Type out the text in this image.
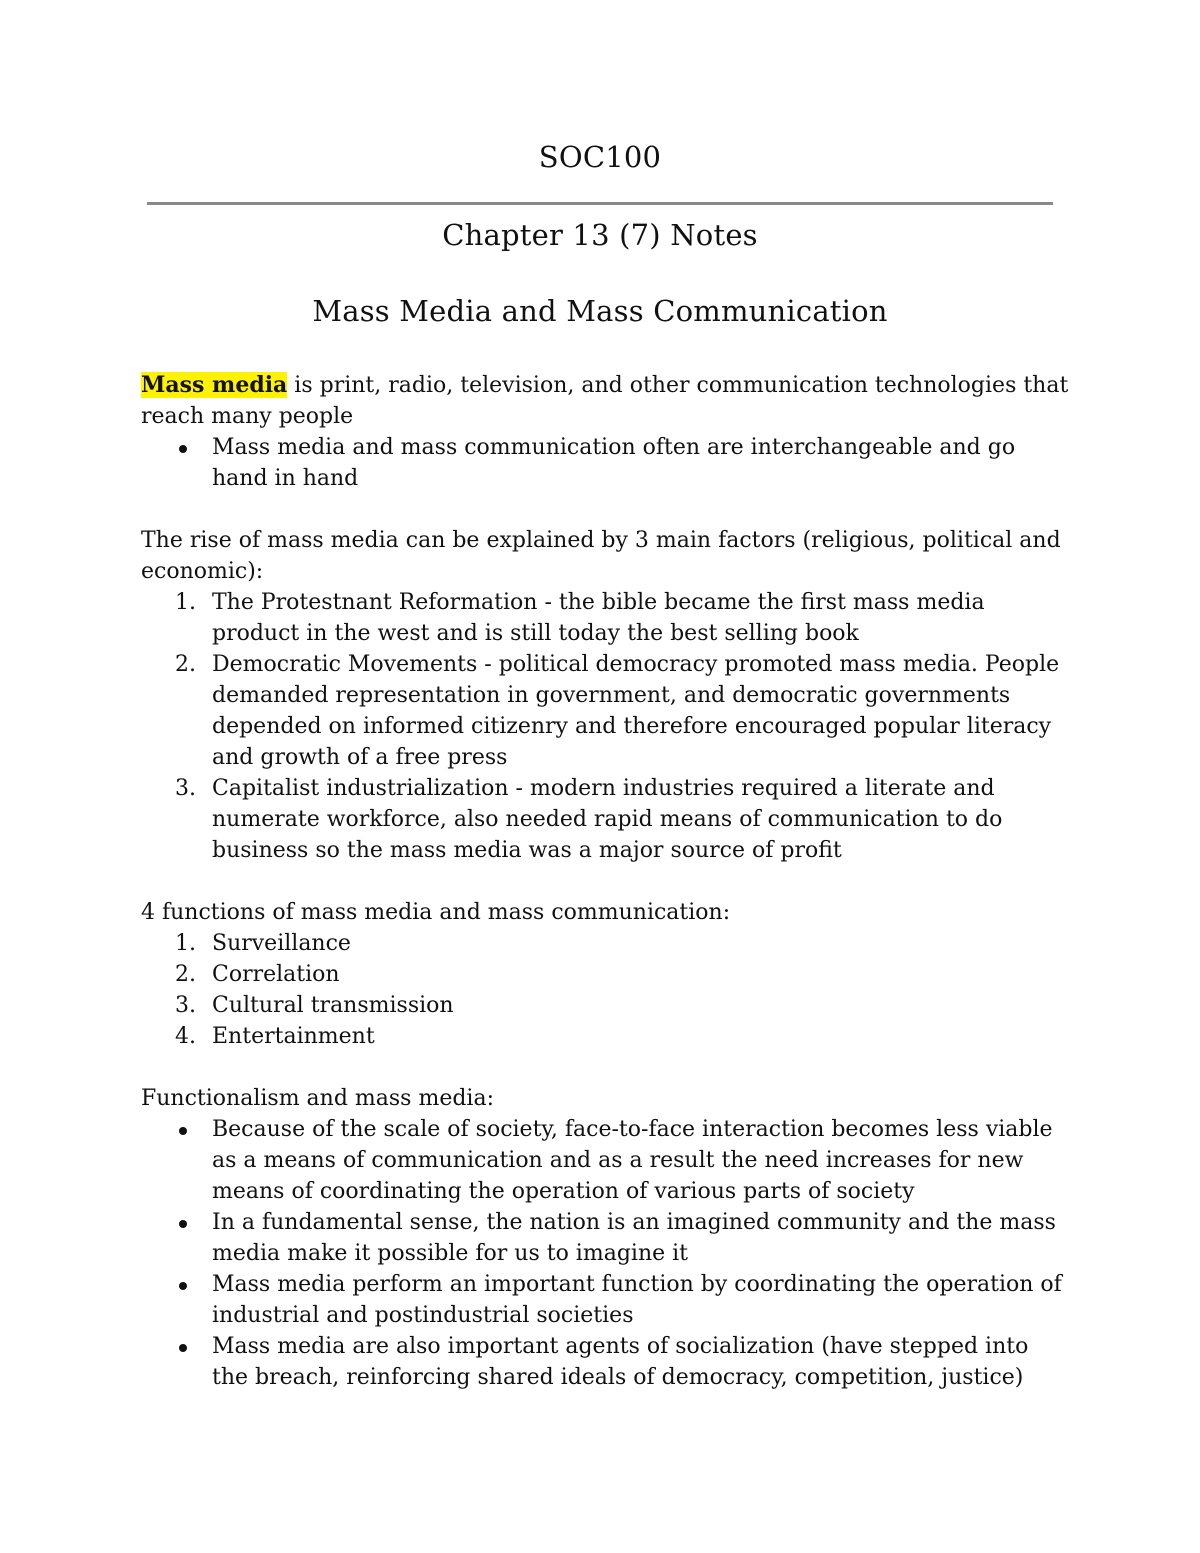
SOC100
Chapter 13 (7) Notes
Mass Media and Mass Communication
Mass media is print, radio, television, and other communication technologies that reach many people
Mass media and mass communication often are interchangeable and go hand in hand
The rise of mass media can be explained by 3 main factors (religious, political and economic):
1. The Protestnant Reformation - the bible became the first mass media product in the west and is still today the best selling book
2. Democratic Movements - political democracy promoted mass media. People demanded representation in government, and democratic governments depended on informed citizenry and therefore encouraged popular literacy and growth of a free press
3. Capitalist industrialization - modern industries required a literate and numerate workforce, also needed rapid means of communication to do business so the mass media was a major source of profit
4 functions of mass media and mass communication:
1. Surveillance
2. Correlation
3. Cultural transmission
4. Entertainment
Functionalism and mass media:
Because of the scale of society, face-to-face interaction becomes less viable as a means of communication and as a result the need increases for new means of coordinating the operation of various parts of society
In a fundamental sense, the nation is an imagined community and the mass media make it possible for us to imagine it
Mass media perform an important function by coordinating the operation of industrial and postindustrial societies
Mass media are also important agents of socialization (have stepped into the breach, reinforcing shared ideals of democracy, competition, justice)
